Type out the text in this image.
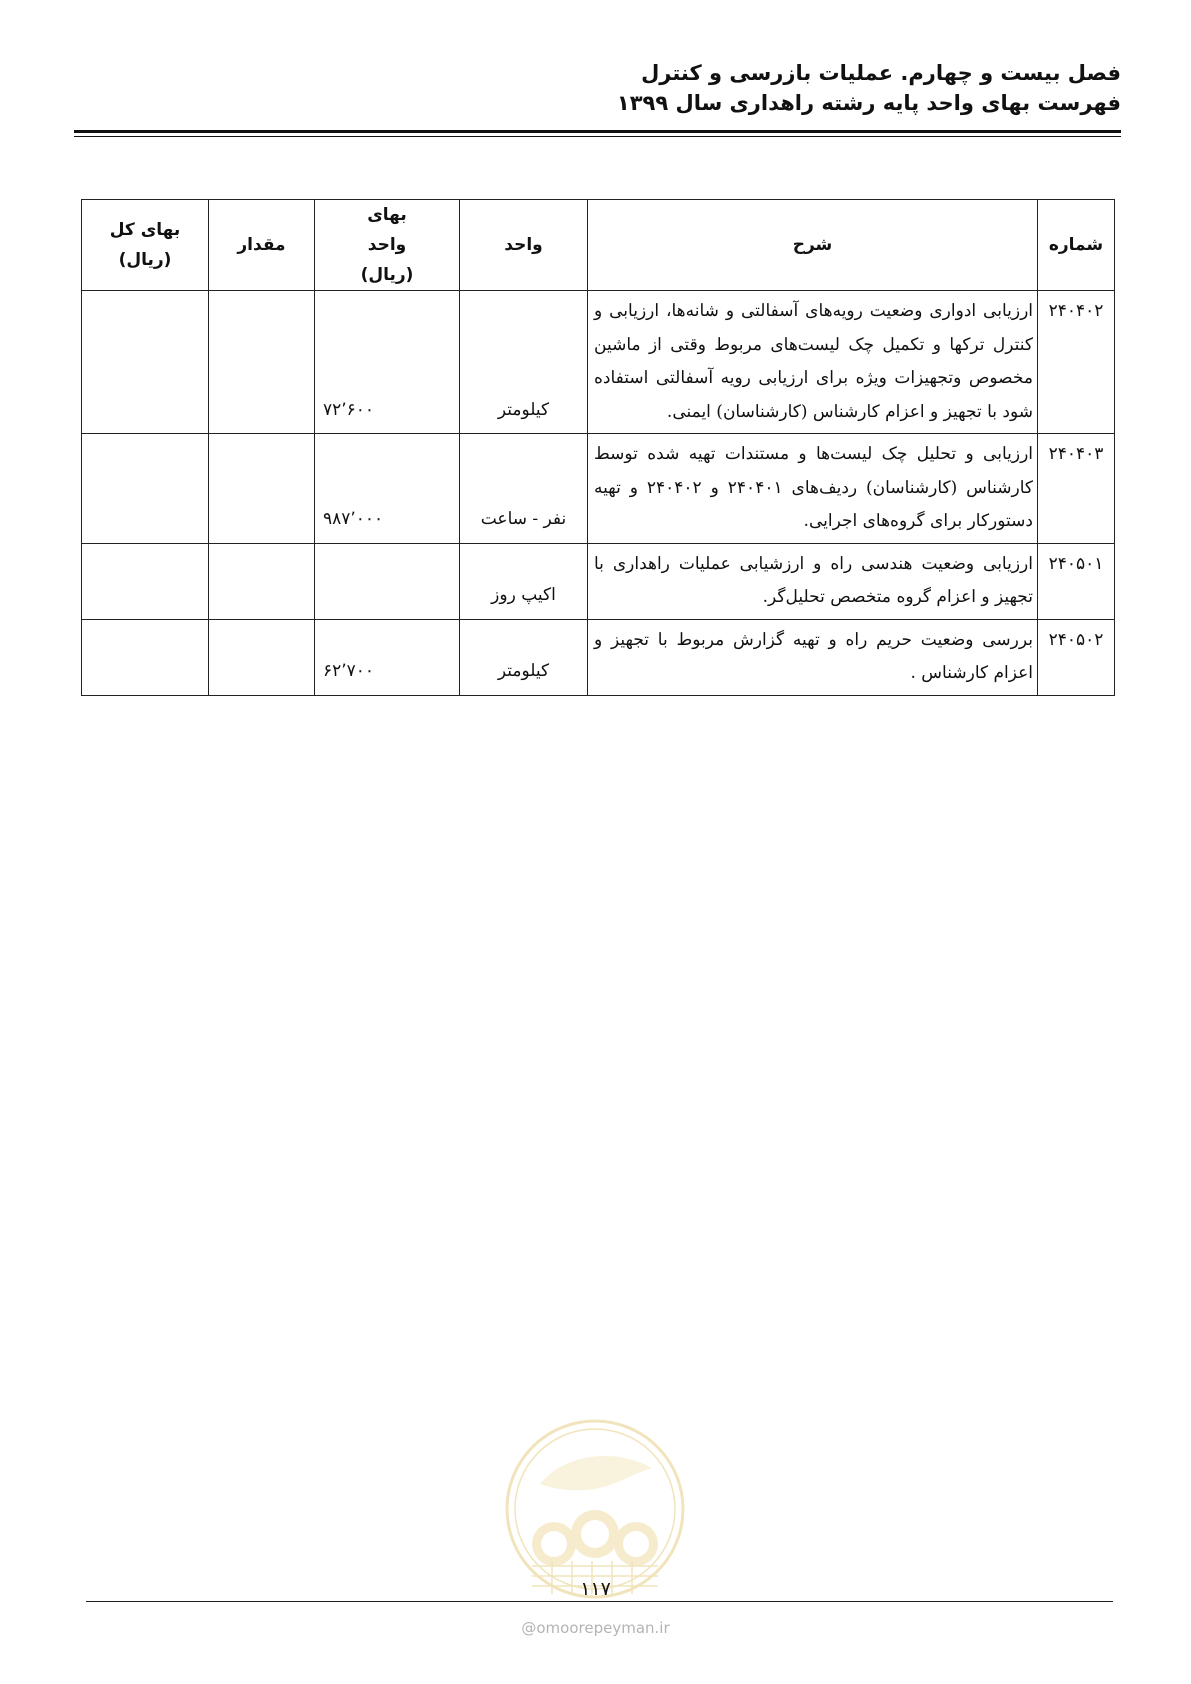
فصل بیست و چهارم. عملیات بازرسی و کنترل
فهرست بهای واحد پایه رشته راهداری سال ۱۳۹۹
شماره	شرح	واحد	بهای واحد (ریال)	مقدار	بهای کل (ریال)
۲۴۰۴۰۲	ارزیابی ادواری وضعیت رویه‌های آسفالتی و شانه‌ها، ارزیابی و کنترل ترکها و تکمیل چک لیست‌های مربوط وقتی از ماشین مخصوص وتجهیزات ویژه برای ارزیابی رویه آسفالتی استفاده شود با تجهیز و اعزام کارشناس (کارشناسان) ایمنی.	کیلومتر	۷۲٬۶۰۰		
۲۴۰۴۰۳	ارزیابی و تحلیل چک لیست‌ها و مستندات تهیه شده توسط کارشناس (کارشناسان) ردیف‌های ۲۴۰۴۰۱ و ۲۴۰۴۰۲ و تهیه دستورکار برای گروه‌های اجرایی.	نفر - ساعت	۹۸۷٬۰۰۰		
۲۴۰۵۰۱	ارزیابی وضعیت هندسی راه و ارزشیابی عملیات راهداری با تجهیز و اعزام گروه متخصص تحلیل‌گر.	اکیپ روز			
۲۴۰۵۰۲	بررسی وضعیت حریم راه و تهیه گزارش مربوط با تجهیز و اعزام کارشناس .	کیلومتر	۶۲٬۷۰۰		
۱۱۷
@omoorepeyman.ir
